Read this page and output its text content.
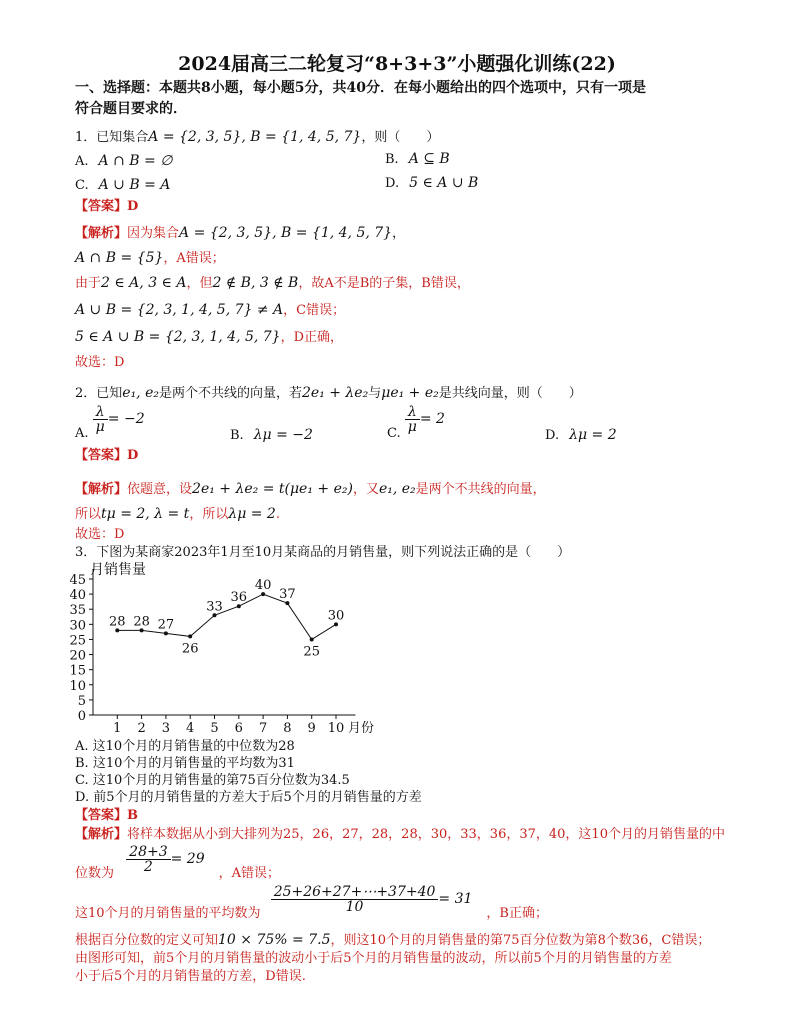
2024届高三二轮复习“8+3+3”小题强化训练(22)
一、选择题：本题共8小题，每小题5分，共40分．在每小题给出的四个选项中，只有一项是
符合题目要求的．
1．已知集合A = {2, 3, 5}, B = {1, 4, 5, 7}，则（　　）
A. A ∩ B = ∅	B. A ⊆ B
C. A ∪ B = A	D. 5 ∈ A ∪ B
【答案】D
【解析】因为集合A = {2, 3, 5}, B = {1, 4, 5, 7}，
A ∩ B = {5}，A错误；
由于2 ∈ A, 3 ∈ A，但2 ∉ B, 3 ∉ B，故A不是B的子集，B错误，
A ∪ B = {2, 3, 1, 4, 5, 7} ≠ A，C错误；
5 ∈ A ∪ B = {2, 3, 1, 4, 5, 7}，D正确，
故选：D
2．已知e₁, e₂是两个不共线的向量，若2e₁ + λe₂与μe₁ + e₂是共线向量，则（　　）
A. $\frac{\lambda}{\mu} = -2$
B. λμ = −2	C. $\frac{\lambda}{\mu} = 2$
D. λμ = 2
【答案】D
【解析】依题意，设2e₁ + λe₂ = t(μe₁ + e₂)，又e₁, e₂是两个不共线的向量，
所以tμ = 2, λ = t，所以λμ = 2.
故选：D
3．下图为某商家2023年1月至10月某商品的月销售量，则下列说法正确的是（　　）
月销售量
0
5
10
15
20
25
30
35
40
45
1 2 3 4 5 6 7 8 9 10 月份
28 28 27
26
33
36
40
37
25
30
A. 这10个月的月销售量的中位数为28
B. 这10个月的月销售量的平均数为31
C. 这10个月的月销售量的第75百分位数为34.5
D. 前5个月的月销售量的方差大于后5个月的月销售量的方差
【答案】B
【解析】将样本数据从小到大排列为25，26，27，28，28，30，33，36，37，40，这10个月的月销售量的中
位数为 $\frac{28+3}{2} = 29$，A错误；
这10个月的月销售量的平均数为 $\frac{25+26+27+\cdots+37+40}{10} = 31$，B正确；
根据百分位数的定义可知10 × 75% = 7.5，则这10个月的月销售量的第75百分位数为第8个数36，C错误；
由图形可知，前5个月的月销售量的波动小于后5个月的月销售量的波动，所以前5个月的月销售量的方差
小于后5个月的月销售量的方差，D错误.
